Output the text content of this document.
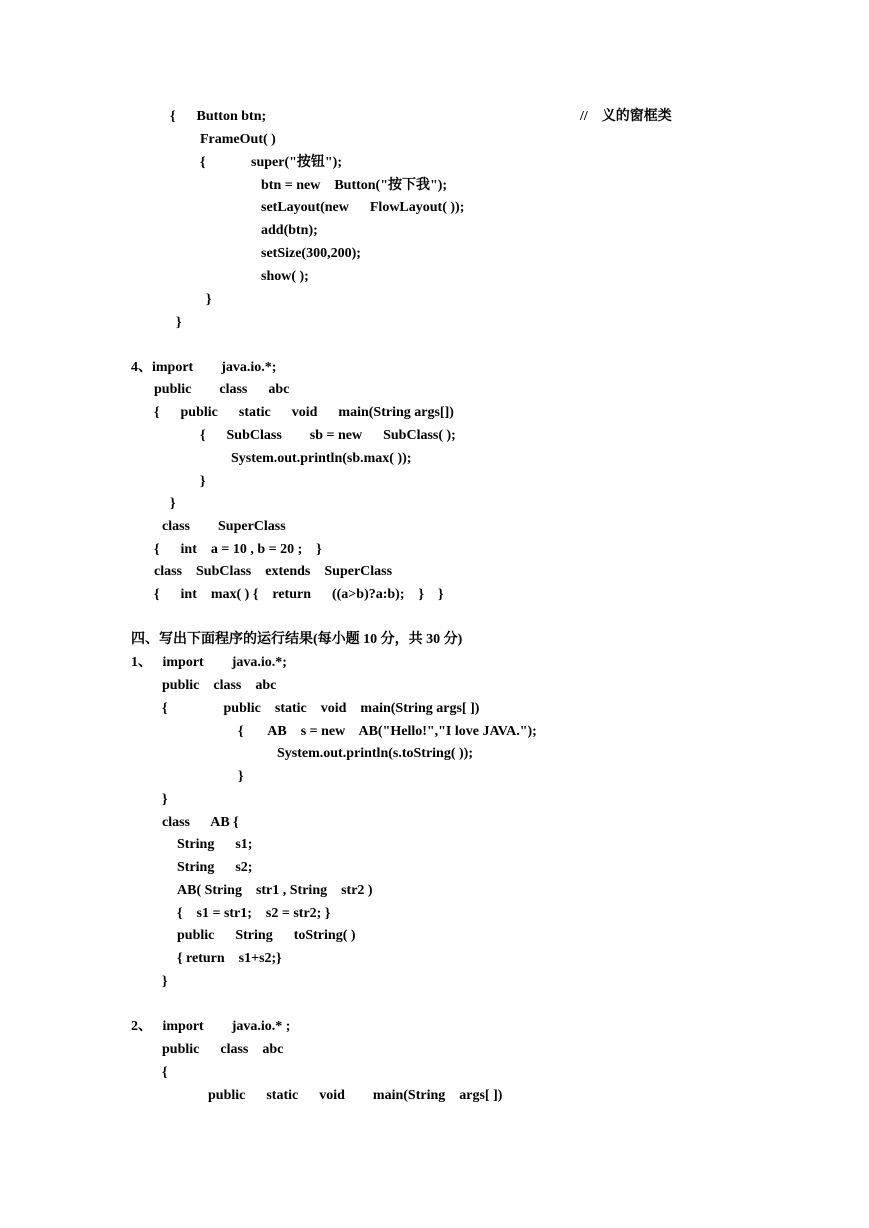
{      Button btn;	//    义的窗框类
FrameOut( )
{             super("按钮");
btn = new    Button("按下我");
setLayout(new      FlowLayout( ));
add(btn);
setSize(300,200);
show( );
}
}
4、import        java.io.*;
public        class      abc
{      public      static      void      main(String args[])
{      SubClass        sb = new      SubClass( );
System.out.println(sb.max( ));
}
}
class        SuperClass
{      int    a = 10 , b = 20 ;    }
class    SubClass    extends    SuperClass
{      int    max( ) {    return      ((a>b)?a:b);    }    }
四、写出下面程序的运行结果(每小题 10 分，共 30 分)
1、   import        java.io.*;
public    class    abc
{                public    static    void    main(String args[ ])
{       AB    s = new    AB("Hello!","I love JAVA.");
System.out.println(s.toString( ));
}
}
class      AB {
String      s1;
String      s2;
AB( String    str1 , String    str2 )
{    s1 = str1;    s2 = str2; }
public      String      toString( )
{ return    s1+s2;}
}
2、   import        java.io.* ;
public      class    abc
{
public      static      void        main(String    args[ ])
